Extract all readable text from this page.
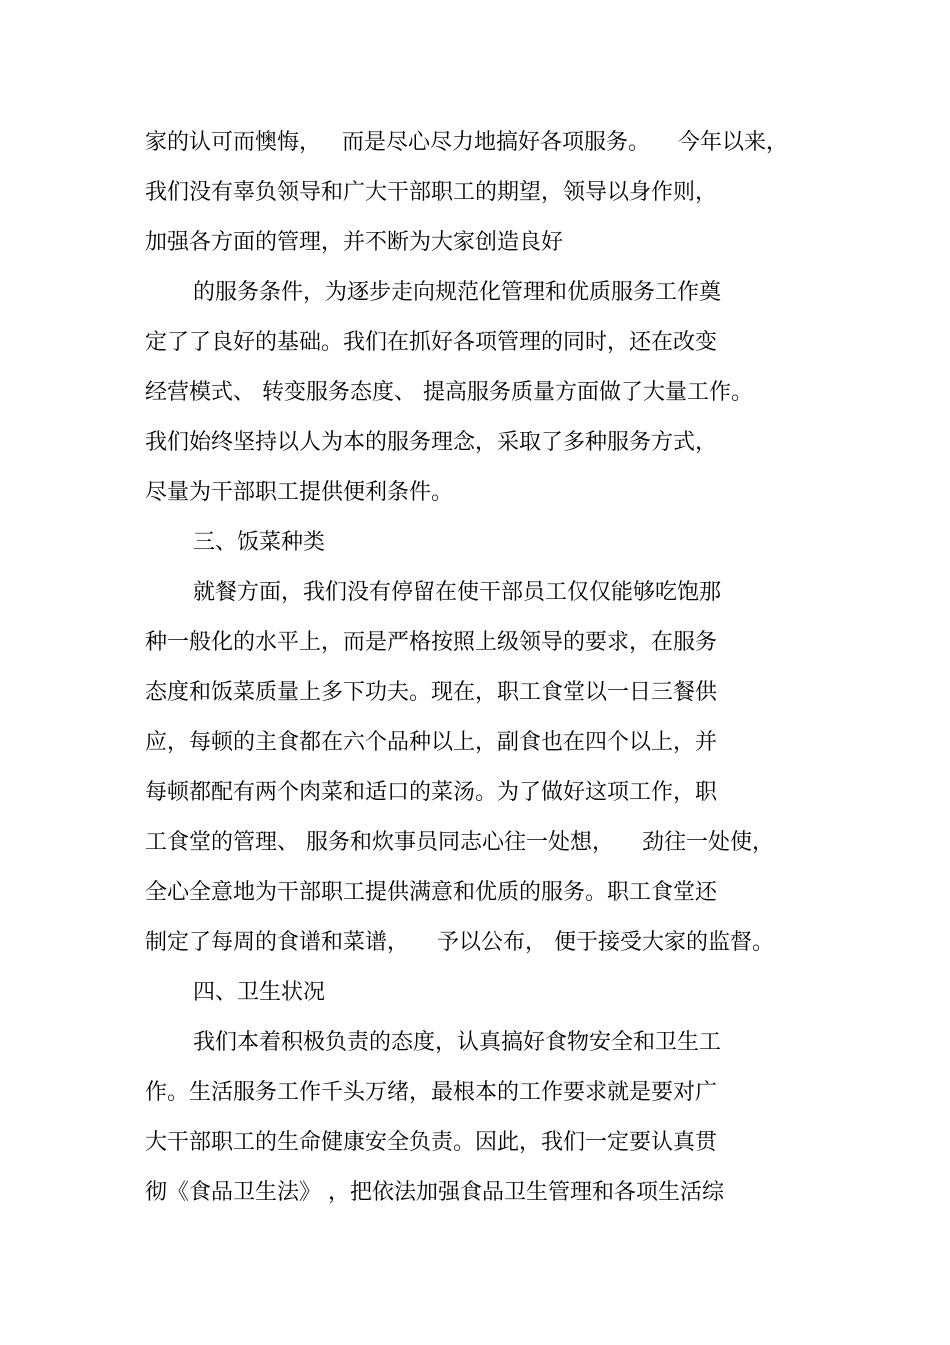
家的认可而懊悔，   而是尽心尽力地搞好各项服务。    今年以来，
我们没有辜负领导和广大干部职工的期望，领导以身作则，
加强各方面的管理，并不断为大家创造良好
的服务条件，为逐步走向规范化管理和优质服务工作奠
定了了良好的基础。我们在抓好各项管理的同时，还在改变
经营模式、 转变服务态度、 提高服务质量方面做了大量工作。
我们始终坚持以人为本的服务理念，采取了多种服务方式，
尽量为干部职工提供便利条件。
三、饭菜种类
就餐方面，我们没有停留在使干部员工仅仅能够吃饱那
种一般化的水平上，而是严格按照上级领导的要求，在服务
态度和饭菜质量上多下功夫。现在，职工食堂以一日三餐供
应，每顿的主食都在六个品种以上，副食也在四个以上，并
每顿都配有两个肉菜和适口的菜汤。为了做好这项工作，职
工食堂的管理、 服务和炊事员同志心往一处想，    劲往一处使，
全心全意地为干部职工提供满意和优质的服务。职工食堂还
制定了每周的食谱和菜谱，    予以公布， 便于接受大家的监督。
四、卫生状况
我们本着积极负责的态度，认真搞好食物安全和卫生工
作。生活服务工作千头万绪，最根本的工作要求就是要对广
大干部职工的生命健康安全负责。因此，我们一定要认真贯
彻《食品卫生法》 ，把依法加强食品卫生管理和各项生活综
